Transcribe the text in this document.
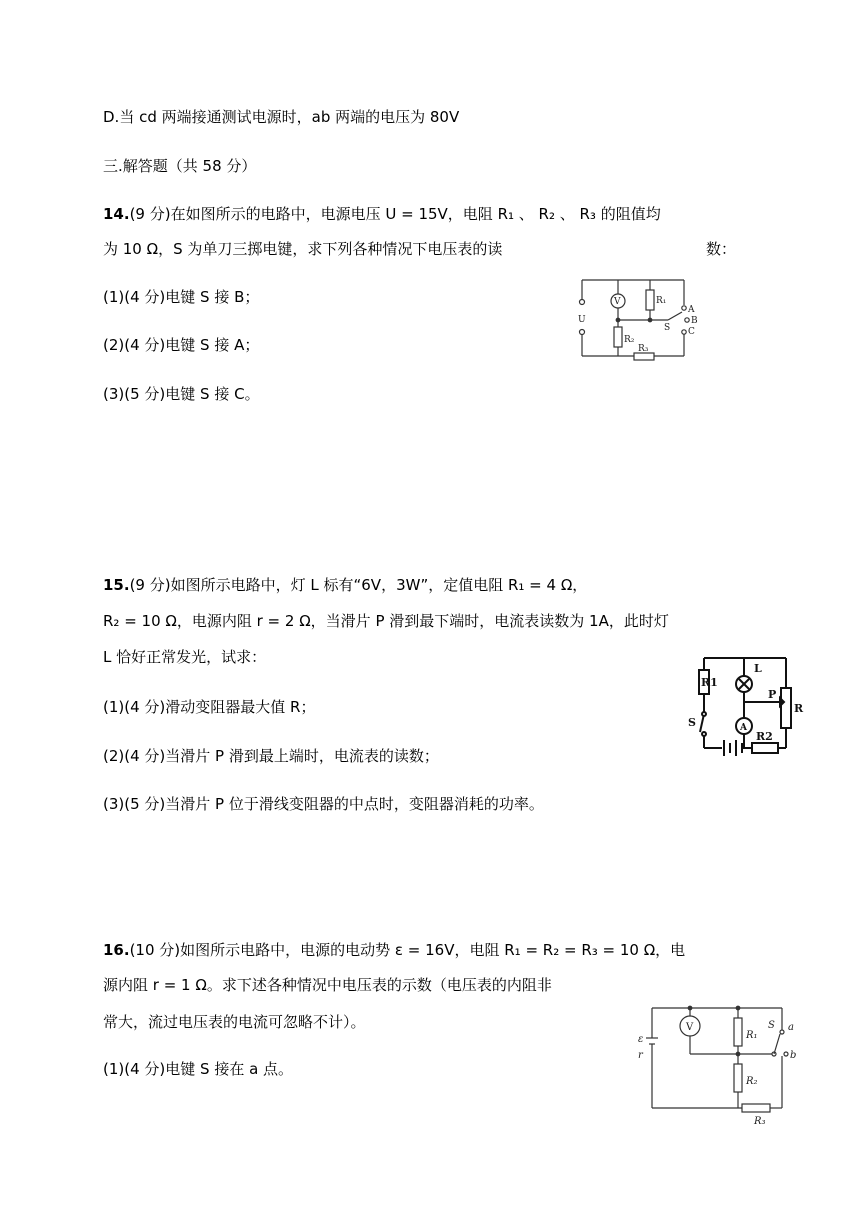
D.当 cd 两端接通测试电源时，ab 两端的电压为 80V
三.解答题（共 58 分）
14.(9 分)在如图所示的电路中，电源电压 U = 15V，电阻 R₁ 、 R₂ 、 R₃ 的阻值均
为 10 Ω，S 为单刀三掷电键，求下列各种情况下电压表的读	数：
(1)(4 分)电键 S 接 B；
(2)(4 分)电键 S 接 A；
(3)(5 分)电键 S 接 C。
V	R₁
R₂
R₃
U
S
A
B
C
15.(9 分)如图所示电路中，灯 L 标有“6V，3W”，定值电阻 R₁ = 4 Ω，
R₂ = 10 Ω，电源内阻 r = 2 Ω，当滑片 P 滑到最下端时，电流表读数为 1A，此时灯
L 恰好正常发光，试求：
(1)(4 分)滑动变阻器最大值 R；
(2)(4 分)当滑片 P 滑到最上端时，电流表的读数；
(3)(5 分)当滑片 P 位于滑线变阻器的中点时，变阻器消耗的功率。
R1
L
P
R
S	A
R2
16.(10 分)如图所示电路中，电源的电动势 ε = 16V，电阻 R₁ = R₂ = R₃ = 10 Ω，电
源内阻 r = 1 Ω。求下述各种情况中电压表的示数（电压表的内阻非
常大，流过电压表的电流可忽略不计）。
(1)(4 分)电键 S 接在 a 点。
V
R₁
R₂
R₃
ε
r
S a
b
